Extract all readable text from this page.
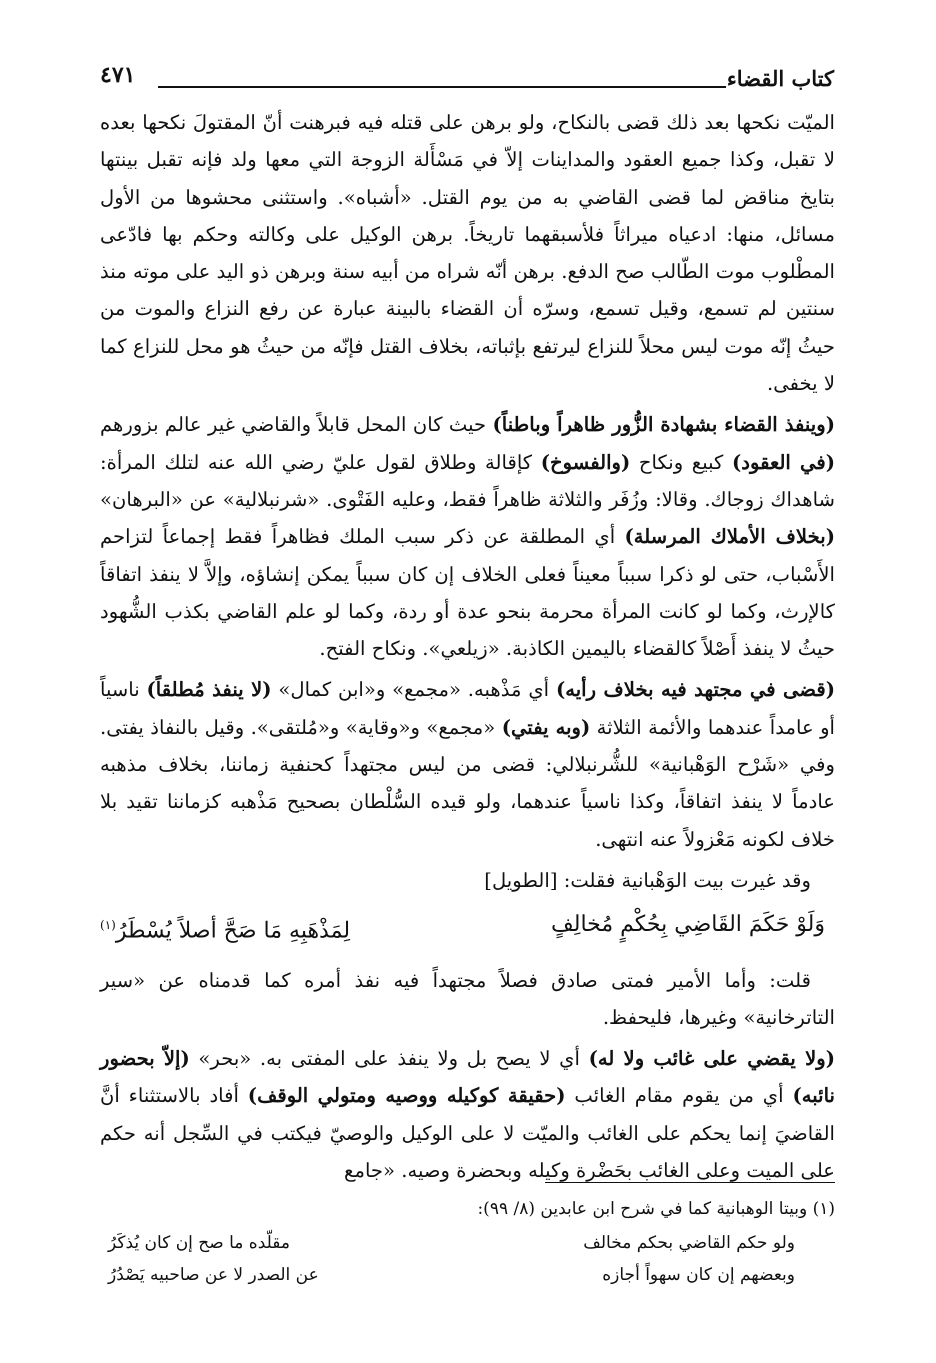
كتاب القضاء
٤٧١

الميّت نكحها بعد ذلك قضى بالنكاح، ولو برهن على قتله فيه فبرهنت أنّ المقتولَ نكحها بعده لا تقبل، وكذا جميع العقود والمداينات إلاّ في مَسْأَلة الزوجة التي معها ولد فإنه تقبل بينتها بتايخ مناقض لما قضى القاضي به من يوم القتل. «أشباه». واستثنى محشوها من الأول مسائل، منها: ادعياه ميراثاً فلأسبقهما تاريخاً. برهن الوكيل على وكالته وحكم بها فادّعى المطْلوب موت الطّالب صح الدفع. برهن أنّه شراه من أبيه سنة وبرهن ذو اليد على موته منذ سنتين لم تسمع، وقيل تسمع، وسرّه أن القضاء بالبينة عبارة عن رفع النزاع والموت من حيثُ إنّه موت ليس محلاً للنزاع ليرتفع بإثباته، بخلاف القتل فإنّه من حيثُ هو محل للنزاع كما لا يخفى.

(وينفذ القضاء بشهادة الزُّور ظاهراً وباطناً) حيث كان المحل قابلاً والقاضي غير عالم بزورهم (في العقود) كبيع ونكاح (والفسوخ) كإقالة وطلاق لقول عليّ رضي الله عنه لتلك المرأة: شاهداك زوجاك. وقالا: وزُفَر والثلاثة ظاهراً فقط، وعليه الفَتْوى. «شرنبلالية» عن «البرهان» (بخلاف الأملاك المرسلة) أي المطلقة عن ذكر سبب الملك فظاهراً فقط إجماعاً لتزاحم الأَسْباب، حتى لو ذكرا سبباً معيناً فعلى الخلاف إن كان سبباً يمكن إنشاؤه، وإلاَّ لا ينفذ اتفاقاً كالإرث، وكما لو كانت المرأة محرمة بنحو عدة أو ردة، وكما لو علم القاضي بكذب الشُّهود حيثُ لا ينفذ أَصْلاً كالقضاء باليمين الكاذبة. «زيلعي». ونكاح الفتح.

(قضى في مجتهد فيه بخلاف رأيه) أي مَذْهبه. «مجمع» و«ابن كمال» (لا ينفذ مُطلقاً) ناسياً أو عامداً عندهما والأئمة الثلاثة (وبه يفتي) «مجمع» و«وقاية» و«مُلتقى». وقيل بالنفاذ يفتى. وفي «شَرْح الوَهْبانية» للشُّرنبلالي: قضى من ليس مجتهداً كحنفية زماننا، بخلاف مذهبه عادماً لا ينفذ اتفاقاً، وكذا ناسياً عندهما، ولو قيده السُّلْطان بصحيح مَذْهبه كزماننا تقيد بلا خلاف لكونه مَعْزولاً عنه انتهى.

وقد غيرت بيت الوَهْبانية فقلت: [الطويل]

وَلَوْ حَكَمَ القَاضِي بِحُكْمٍ مُخالِفٍ
لِمَذْهَبِهِ مَا صَحَّ أصلاً يُسْطَرُ$^{(١)}$

قلت: وأما الأمير فمتى صادق فصلاً مجتهداً فيه نفذ أمره كما قدمناه عن «سير التاترخانية» وغيرها، فليحفظ.

(ولا يقضي على غائب ولا له) أي لا يصح بل ولا ينفذ على المفتى به. «بحر» (إلاّ بحضور نائبه) أي من يقوم مقام الغائب (حقيقة كوكيله ووصيه ومتولي الوقف) أفاد بالاستثناء أنَّ القاضيَ إنما يحكم على الغائب والميّت لا على الوكيل والوصيّ فيكتب في السِّجل أنه حكم على الميت وعلى الغائب بحَضْرة وكيله وبحضرة وصيه. «جامع

(١) وبيتا الوهبانية كما في شرح ابن عابدين (٨/ ٩٩):
ولو حكم القاضي بحكم مخالف
مقلّده ما صح إن كان يُذكَرُ
وبعضهم إن كان سهواً أجازه
عن الصدر لا عن صاحبيه يَصْدُرُ
